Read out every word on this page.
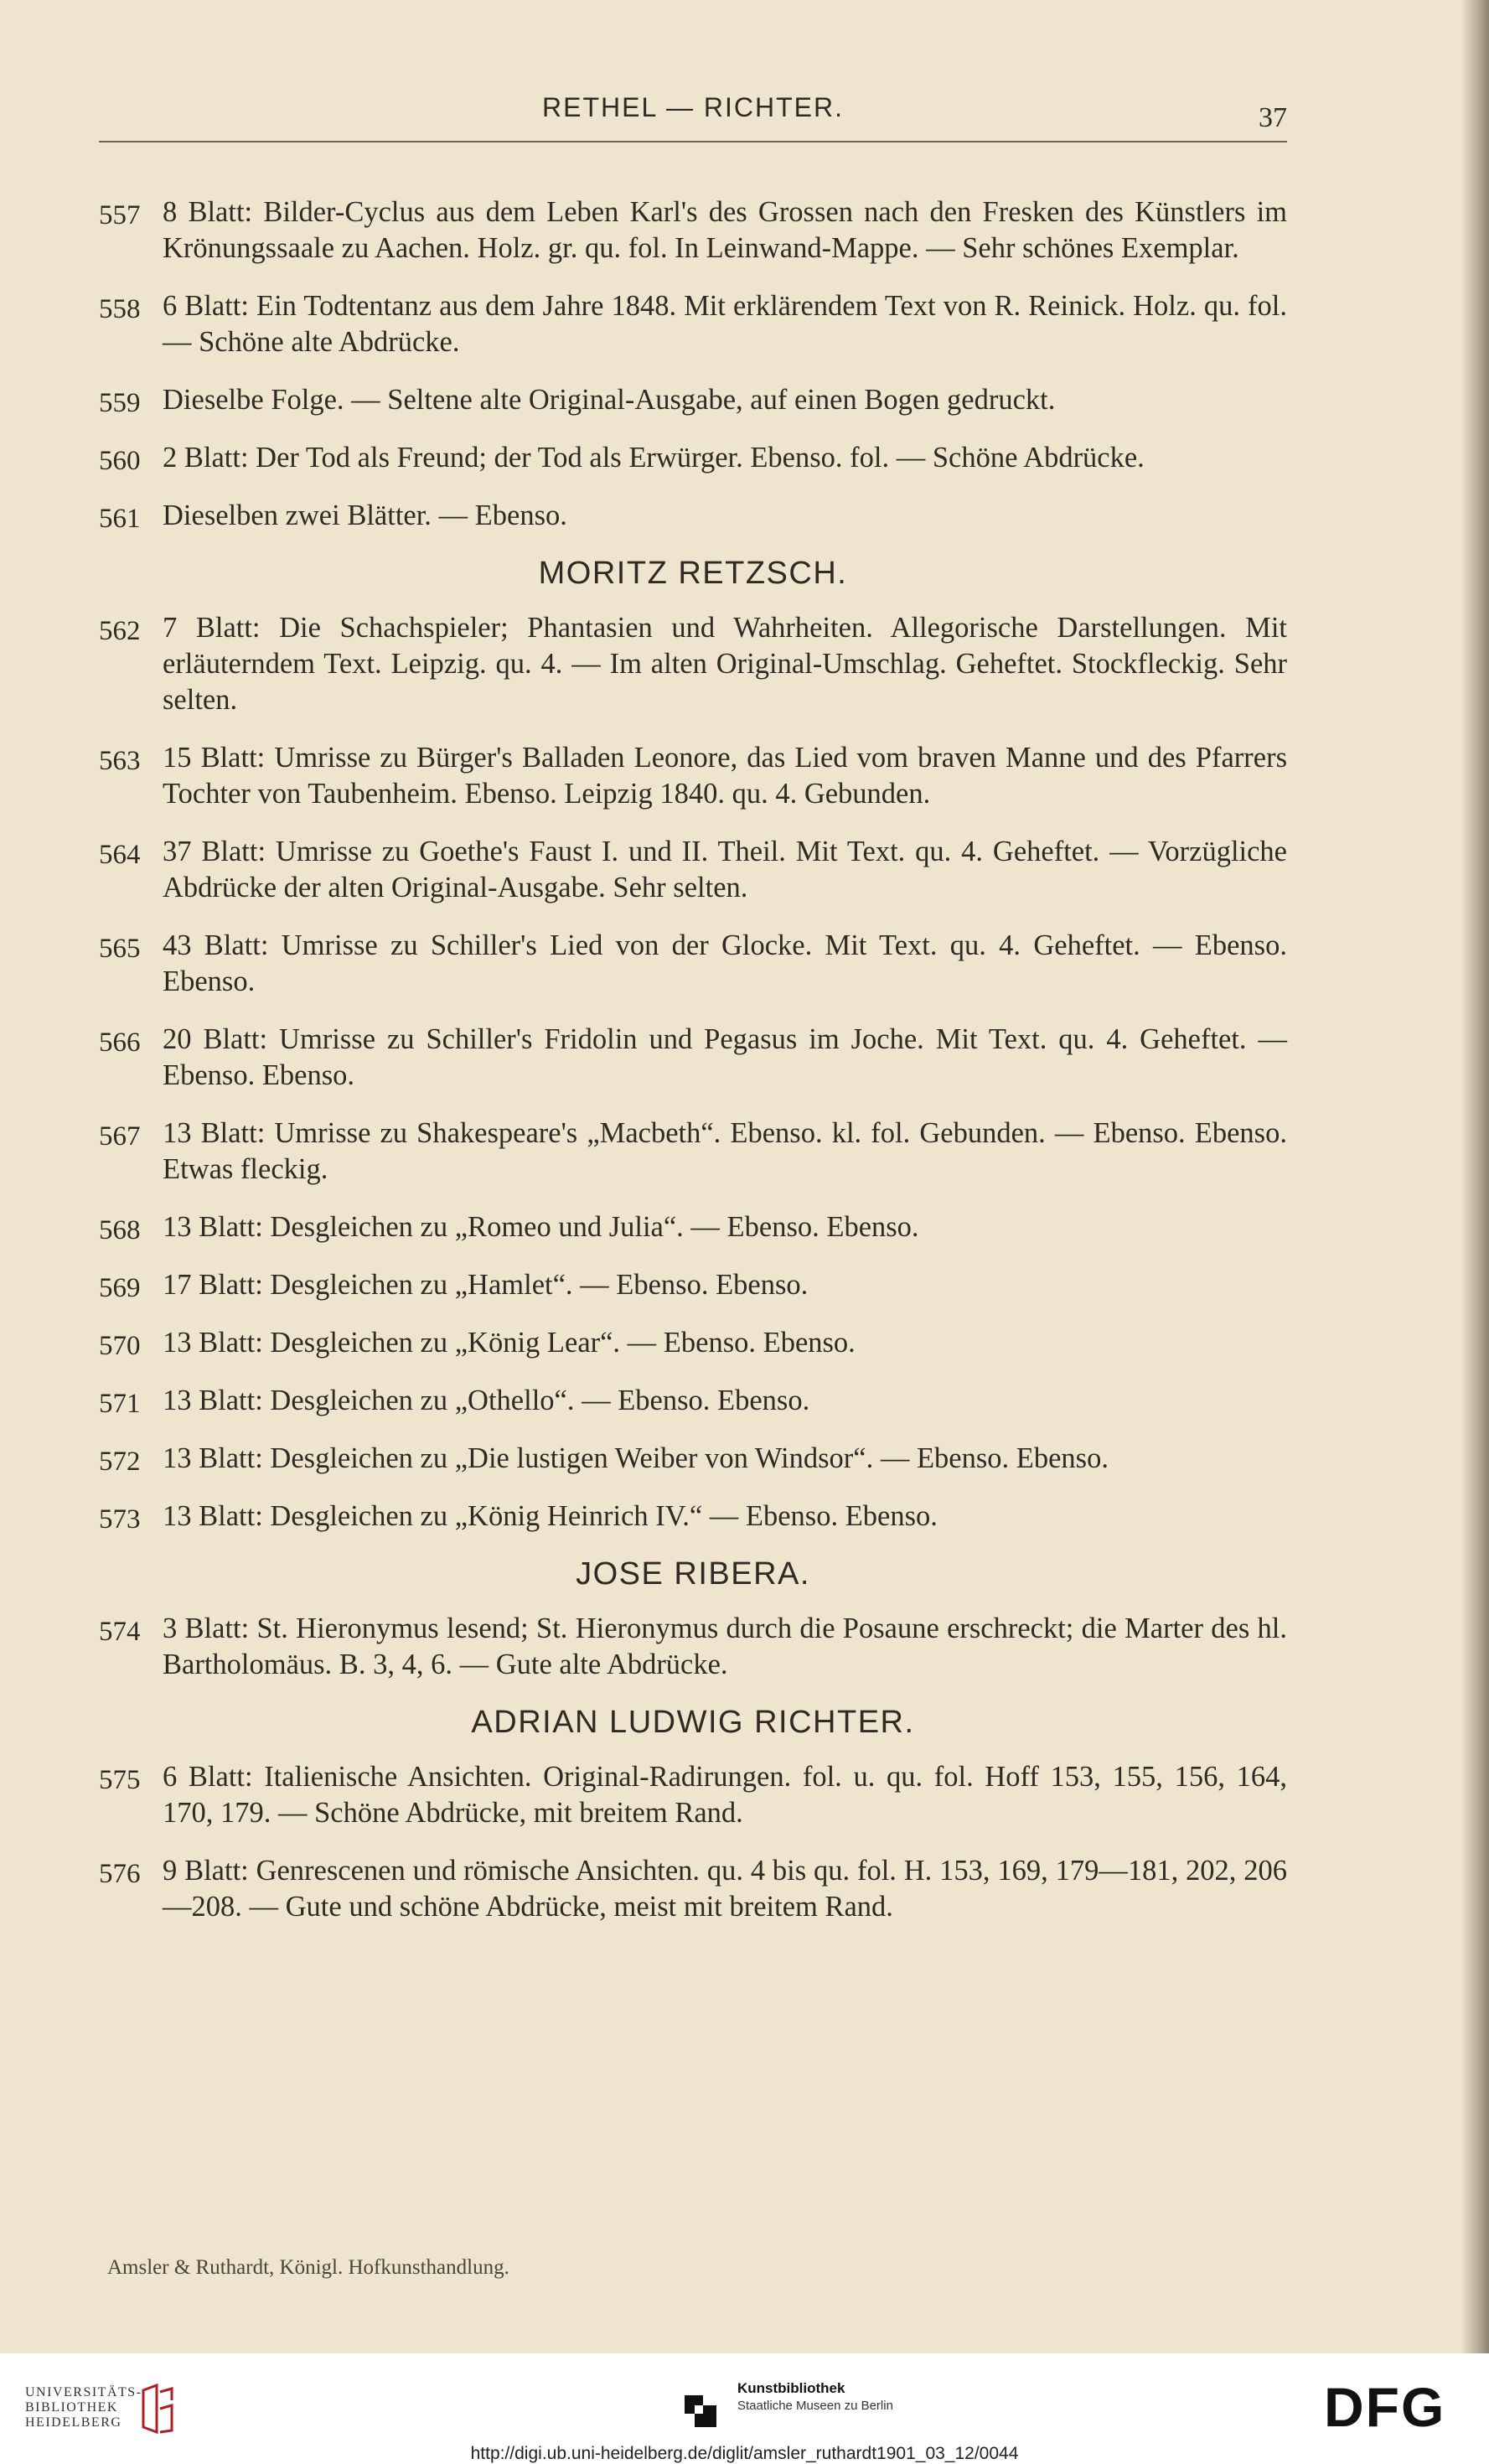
RETHEL — RICHTER.	37
557 8 Blatt: Bilder-Cyclus aus dem Leben Karl's des Grossen nach den Fresken des Künstlers im Krönungssaale zu Aachen. Holz. gr. qu. fol. In Leinwand-Mappe. — Sehr schönes Exemplar.
558 6 Blatt: Ein Todtentanz aus dem Jahre 1848. Mit erklärendem Text von R. Reinick. Holz. qu. fol. — Schöne alte Abdrücke.
559 Dieselbe Folge. — Seltene alte Original-Ausgabe, auf einen Bogen gedruckt.
560 2 Blatt: Der Tod als Freund; der Tod als Erwürger. Ebenso. fol. — Schöne Abdrücke.
561 Dieselben zwei Blätter. — Ebenso.
MORITZ RETZSCH.
562 7 Blatt: Die Schachspieler; Phantasien und Wahrheiten. Allegorische Darstellungen. Mit erläuterndem Text. Leipzig. qu. 4. — Im alten Original-Umschlag. Geheftet. Stockfleckig. Sehr selten.
563 15 Blatt: Umrisse zu Bürger's Balladen Leonore, das Lied vom braven Manne und des Pfarrers Tochter von Taubenheim. Ebenso. Leipzig 1840. qu. 4. Gebunden.
564 37 Blatt: Umrisse zu Goethe's Faust I. und II. Theil. Mit Text. qu. 4. Geheftet. — Vorzügliche Abdrücke der alten Original-Ausgabe. Sehr selten.
565 43 Blatt: Umrisse zu Schiller's Lied von der Glocke. Mit Text. qu. 4. Geheftet. — Ebenso. Ebenso.
566 20 Blatt: Umrisse zu Schiller's Fridolin und Pegasus im Joche. Mit Text. qu. 4. Geheftet. — Ebenso. Ebenso.
567 13 Blatt: Umrisse zu Shakespeare's „Macbeth“. Ebenso. kl. fol. Gebunden. — Ebenso. Ebenso. Etwas fleckig.
568 13 Blatt: Desgleichen zu „Romeo und Julia“. — Ebenso. Ebenso.
569 17 Blatt: Desgleichen zu „Hamlet“. — Ebenso. Ebenso.
570 13 Blatt: Desgleichen zu „König Lear“. — Ebenso. Ebenso.
571 13 Blatt: Desgleichen zu „Othello“. — Ebenso. Ebenso.
572 13 Blatt: Desgleichen zu „Die lustigen Weiber von Windsor“. — Ebenso. Ebenso.
573 13 Blatt: Desgleichen zu „König Heinrich IV.“ — Ebenso. Ebenso.
JOSE RIBERA.
574 3 Blatt: St. Hieronymus lesend; St. Hieronymus durch die Posaune erschreckt; die Marter des hl. Bartholomäus. B. 3, 4, 6. — Gute alte Abdrücke.
ADRIAN LUDWIG RICHTER.
575 6 Blatt: Italienische Ansichten. Original-Radirungen. fol. u. qu. fol. Hoff 153, 155, 156, 164, 170, 179. — Schöne Abdrücke, mit breitem Rand.
576 9 Blatt: Genrescenen und römische Ansichten. qu. 4 bis qu. fol. H. 153, 169, 179—181, 202, 206—208. — Gute und schöne Abdrücke, meist mit breitem Rand.
Amsler & Ruthardt, Königl. Hofkunsthandlung.
UNIVERSITÄTS- BIBLIOTHEK HEIDELBERG
Kunstbibliothek
Staatliche Museen zu Berlin	DFG
http://digi.ub.uni-heidelberg.de/diglit/amsler_ruthardt1901_03_12/0044
